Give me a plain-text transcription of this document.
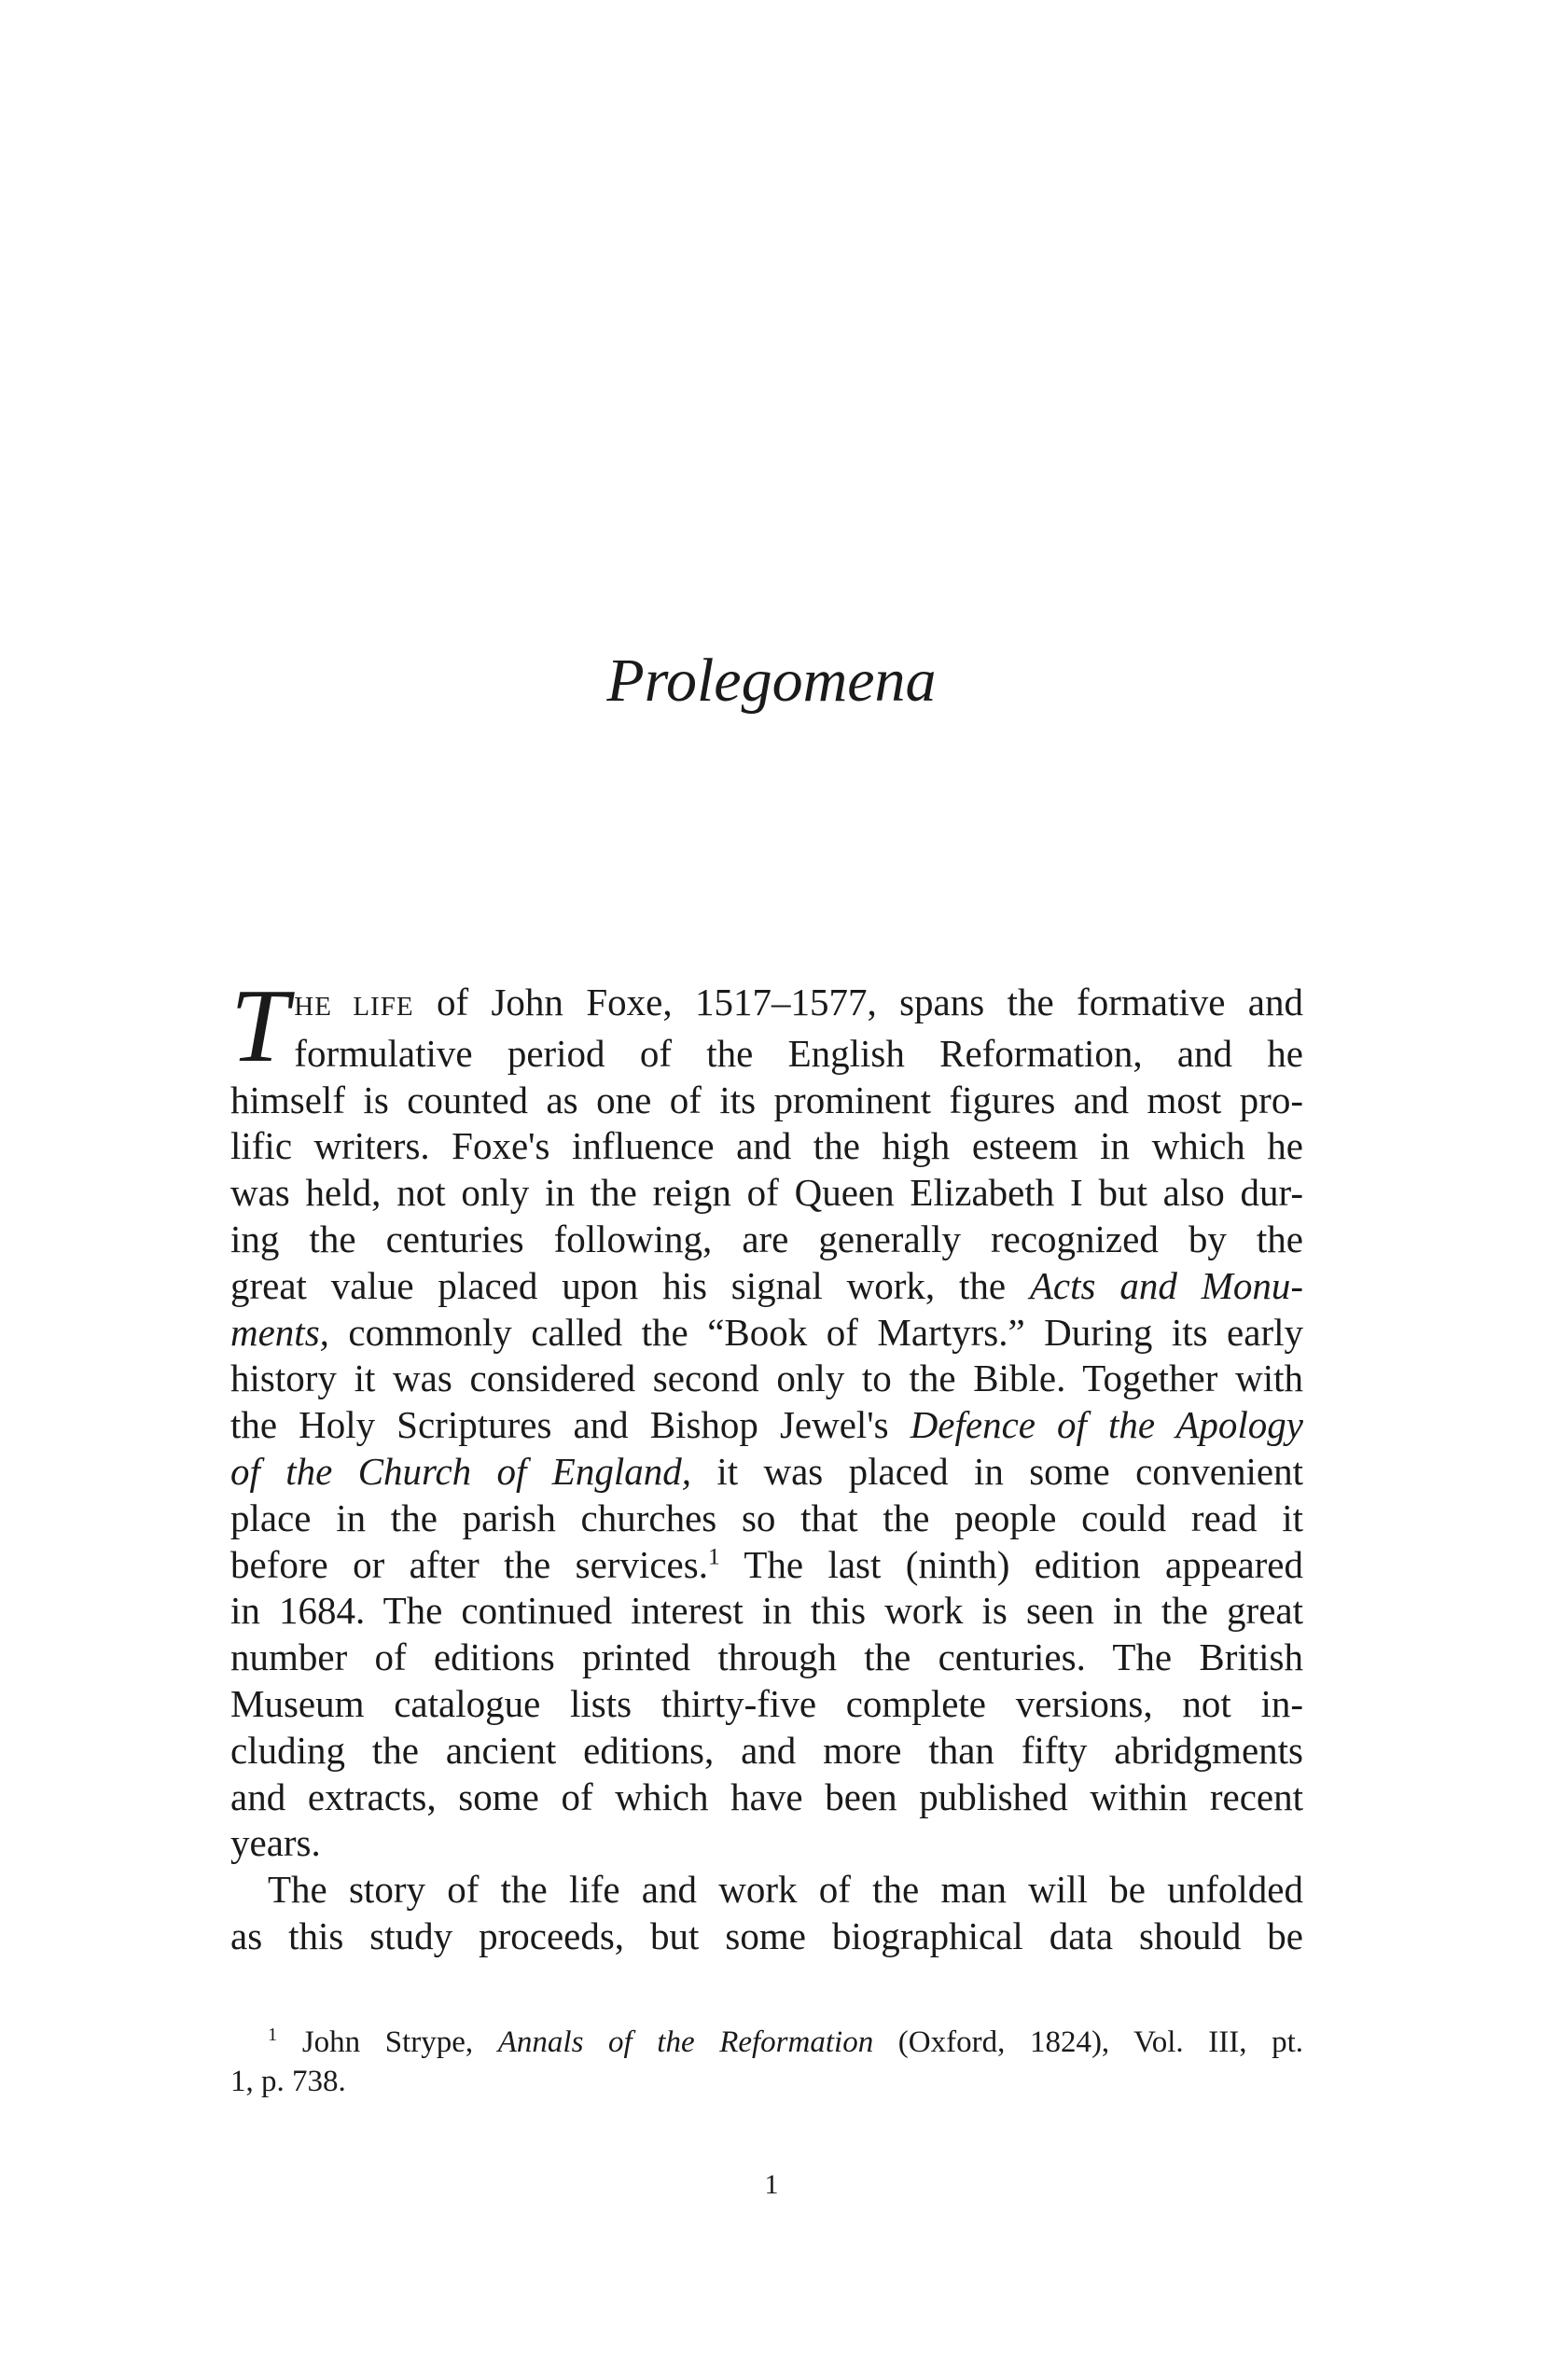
Prolegomena
T HE LIFE of John Foxe, 1517–1577, spans the formative and
formulative period of the English Reformation, and he
himself is counted as one of its prominent figures and most pro-
lific writers. Foxe's influence and the high esteem in which he
was held, not only in the reign of Queen Elizabeth I but also dur-
ing the centuries following, are generally recognized by the
great value placed upon his signal work, the Acts and Monu-
ments, commonly called the “Book of Martyrs.” During its early
history it was considered second only to the Bible. Together with
the Holy Scriptures and Bishop Jewel's Defence of the Apology
of the Church of England, it was placed in some convenient
place in the parish churches so that the people could read it
before or after the services.$^1$ The last (ninth) edition appeared
in 1684. The continued interest in this work is seen in the great
number of editions printed through the centuries. The British
Museum catalogue lists thirty-five complete versions, not in-
cluding the ancient editions, and more than fifty abridgments
and extracts, some of which have been published within recent
years.
The story of the life and work of the man will be unfolded
as this study proceeds, but some biographical data should be
$^1$ John Strype, Annals of the Reformation (Oxford, 1824), Vol. III, pt.
1, p. 738.
1
